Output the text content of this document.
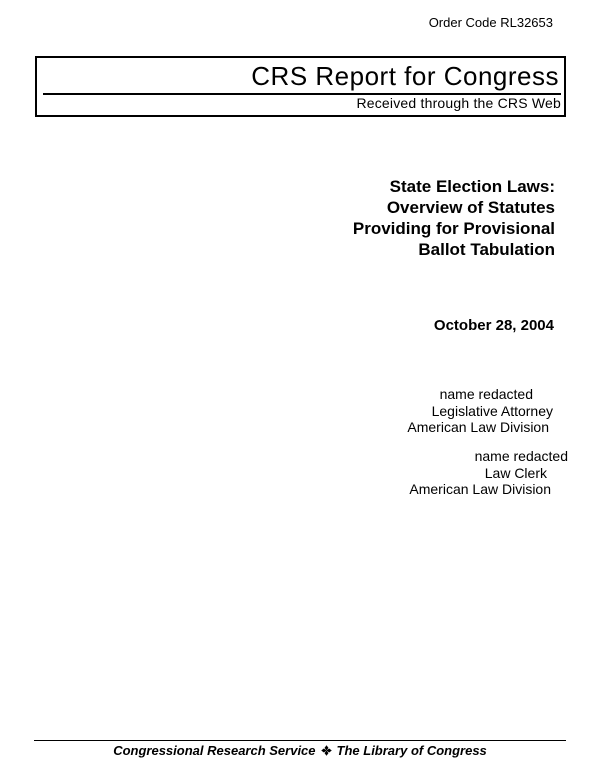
Order Code RL32653
CRS Report for Congress
Received through the CRS Web
State Election Laws:
Overview of Statutes
Providing for Provisional
Ballot Tabulation
October 28, 2004
name redacted
Legislative Attorney
American Law Division
name redacted
Law Clerk
American Law Division
Congressional Research Service The Library of Congress
